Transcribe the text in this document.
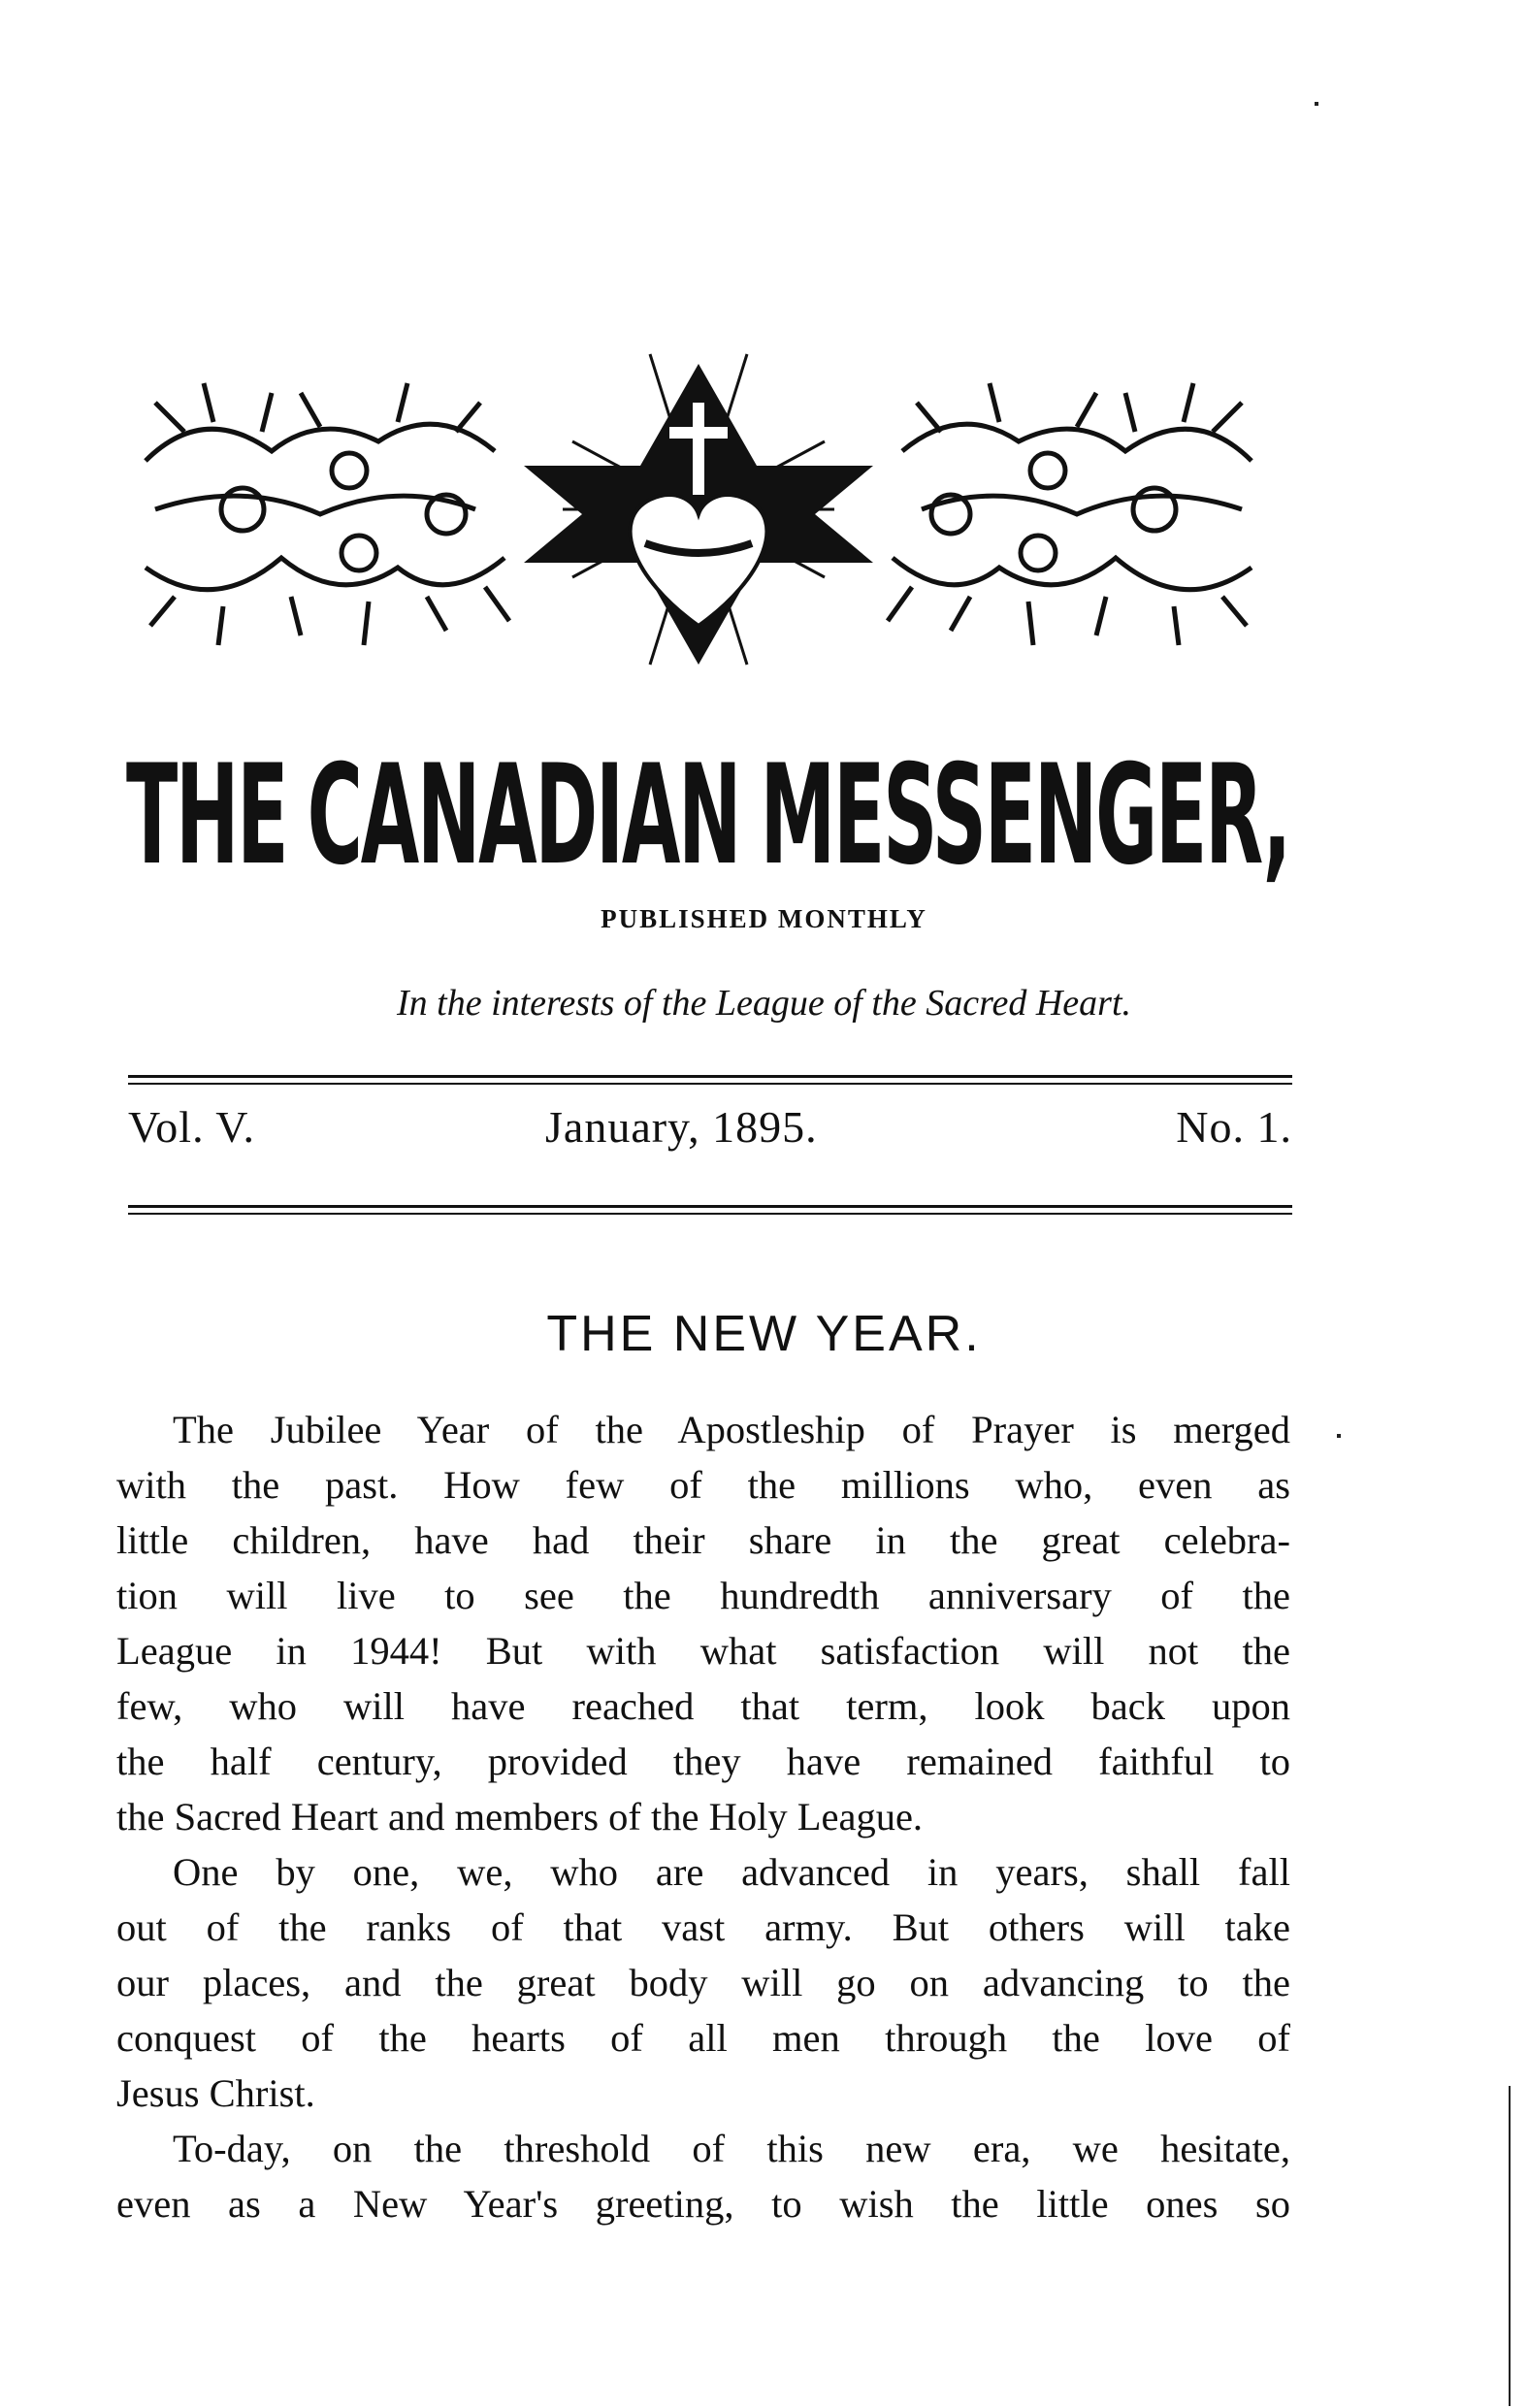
THE CANADIAN MESSENGER,
PUBLISHED MONTHLY
In the interests of the League of the Sacred Heart.
Vol. V.	January, 1895.	No. 1.
THE NEW YEAR.
The Jubilee Year of the Apostleship of Prayer is merged
with the past. How few of the millions who, even as
little children, have had their share in the great celebra-
tion will live to see the hundredth anniversary of the
League in 1944! But with what satisfaction will not the
few, who will have reached that term, look back upon
the half century, provided they have remained faithful to
the Sacred Heart and members of the Holy League.
One by one, we, who are advanced in years, shall fall
out of the ranks of that vast army. But others will take
our places, and the great body will go on advancing to the
conquest of the hearts of all men through the love of
Jesus Christ.
To-day, on the threshold of this new era, we hesitate,
even as a New Year's greeting, to wish the little ones so
